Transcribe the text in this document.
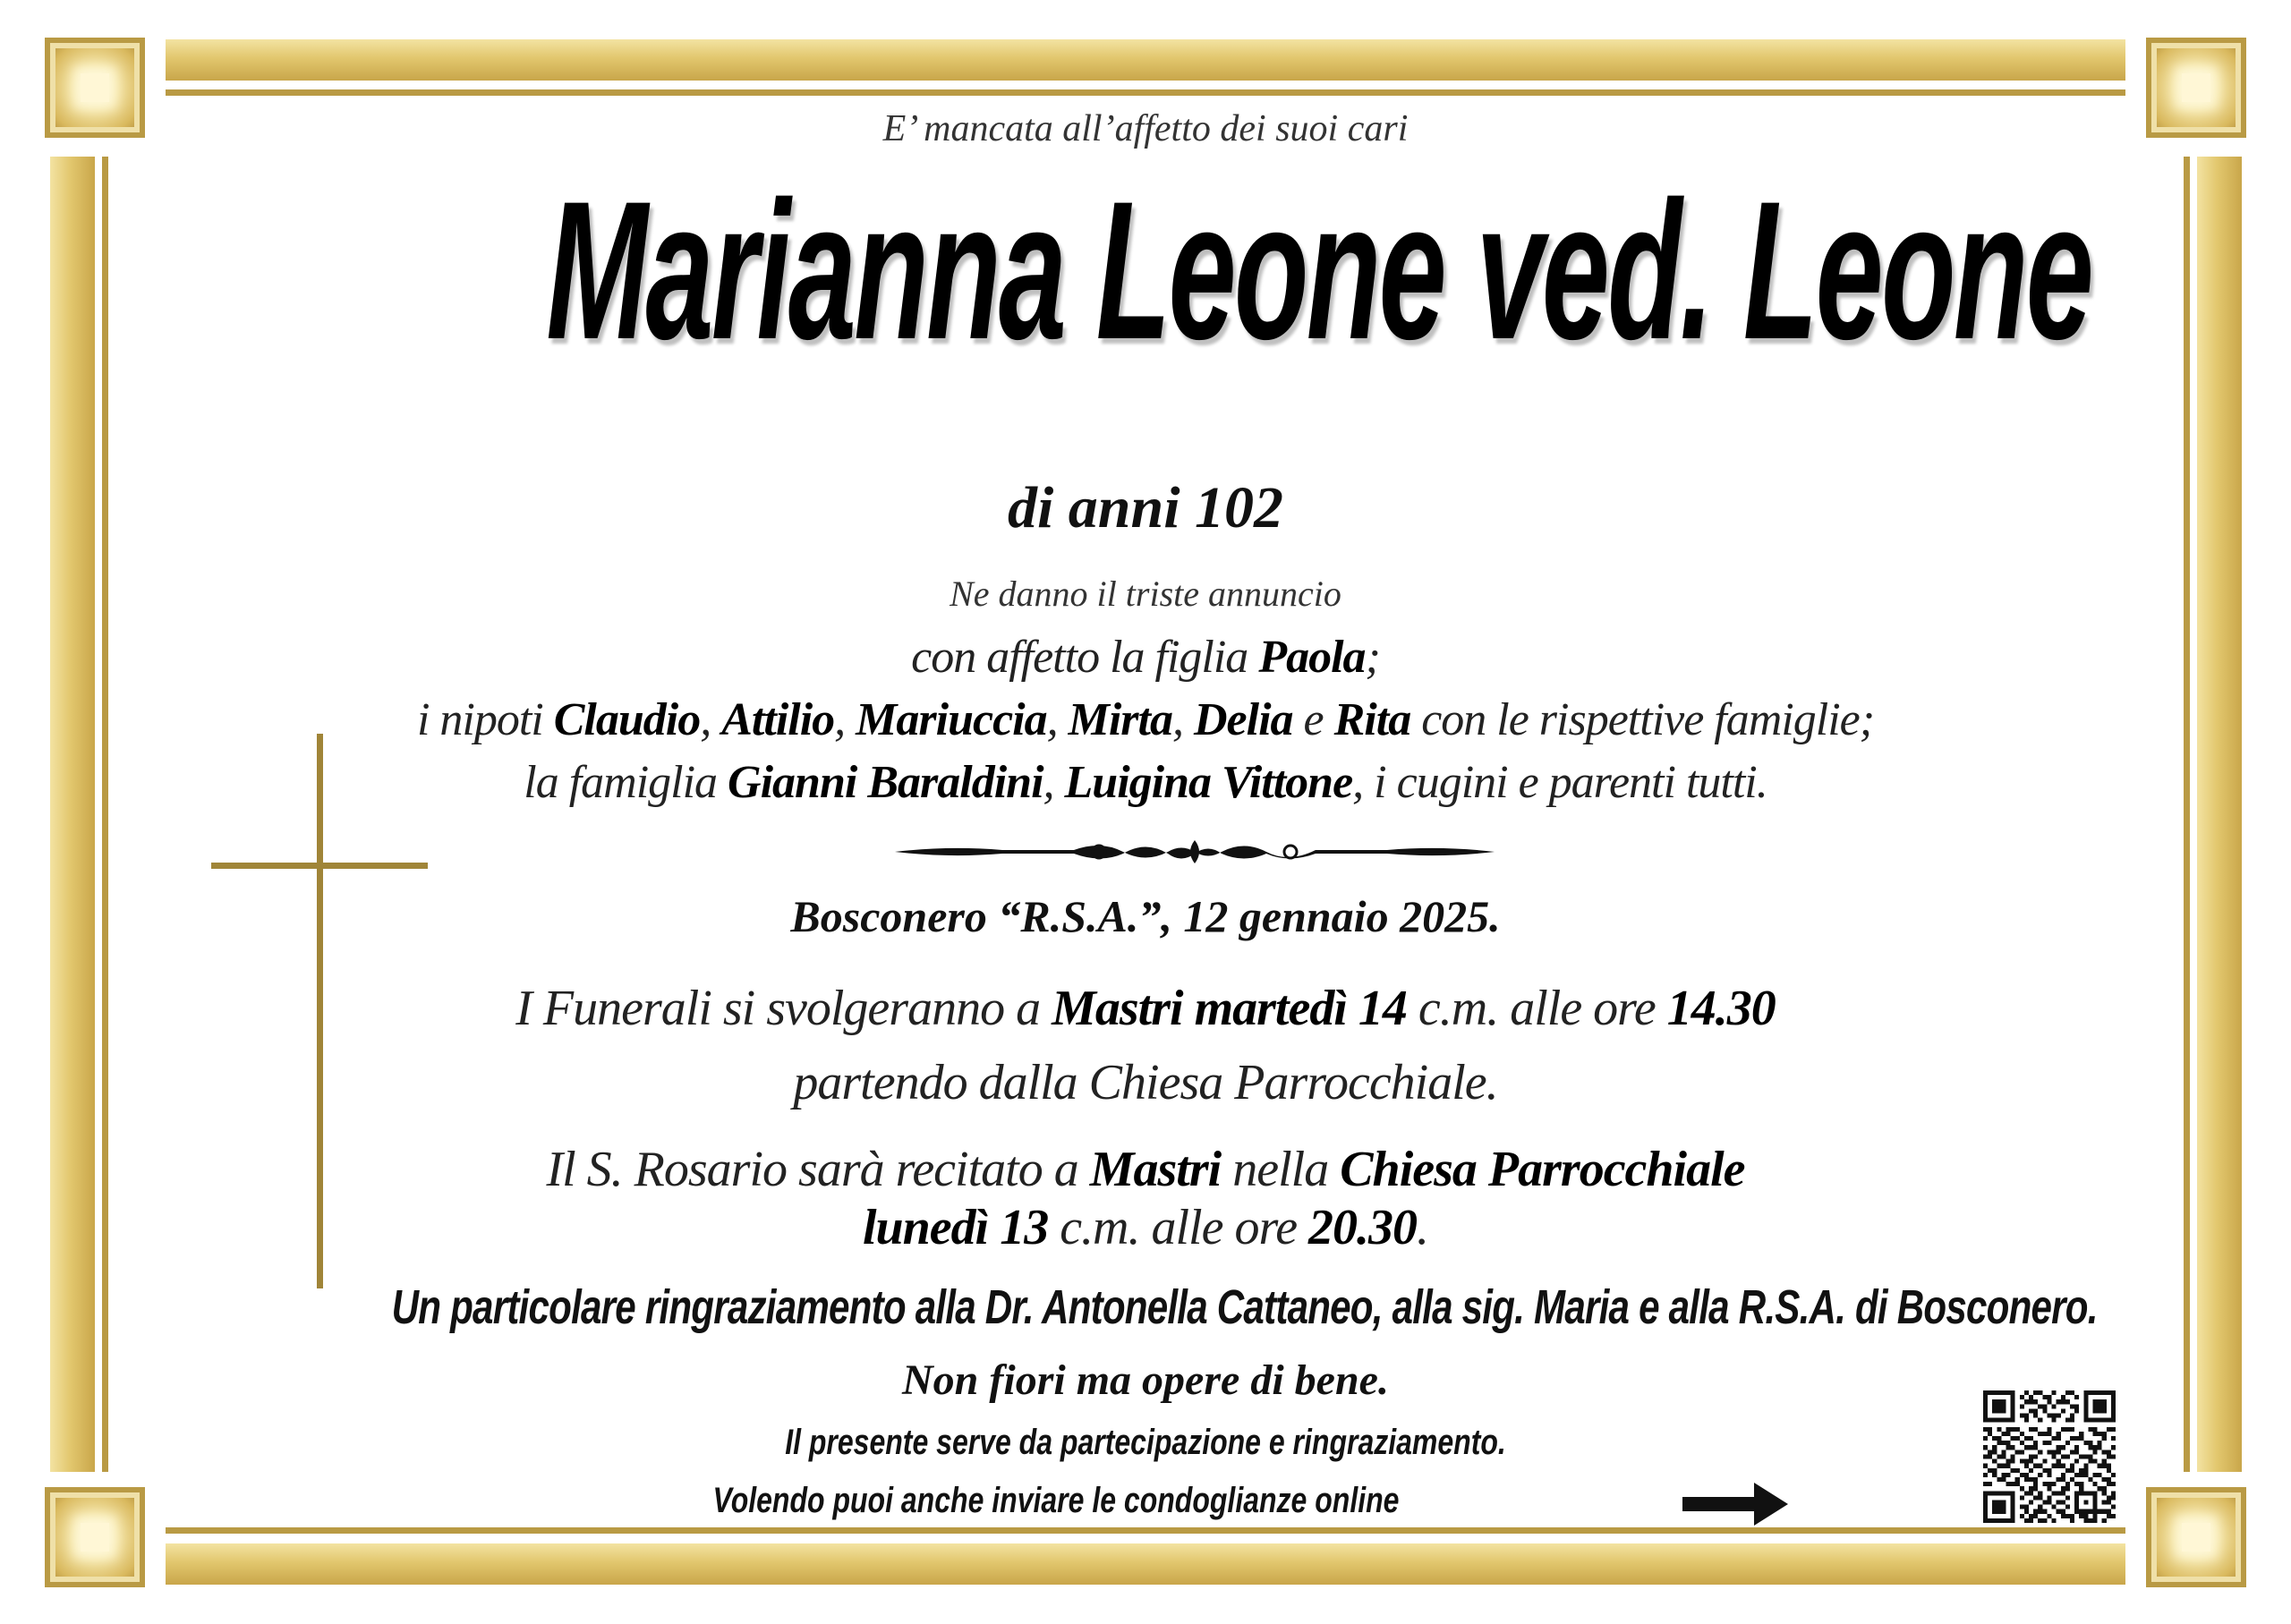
E’ mancata all’affetto dei suoi cari

Marianna Leone ved. Leone

di anni 102

Ne danno il triste annuncio

con affetto la figlia Paola;

i nipoti Claudio, Attilio, Mariuccia, Mirta, Delia e Rita con le rispettive famiglie;

la famiglia Gianni Baraldini, Luigina Vittone, i cugini e parenti tutti.

Bosconero “R.S.A.”, 12 gennaio 2025.

I Funerali si svolgeranno a Mastri martedì 14 c.m. alle ore 14.30

partendo dalla Chiesa Parrocchiale.

Il S. Rosario sarà recitato a Mastri nella Chiesa Parrocchiale

lunedì 13 c.m. alle ore 20.30.

Un particolare ringraziamento alla Dr. Antonella Cattaneo, alla sig. Maria e alla R.S.A. di Bosconero.

Non fiori ma opere di bene.

Il presente serve da partecipazione e ringraziamento.

Volendo puoi anche inviare le condoglianze online
